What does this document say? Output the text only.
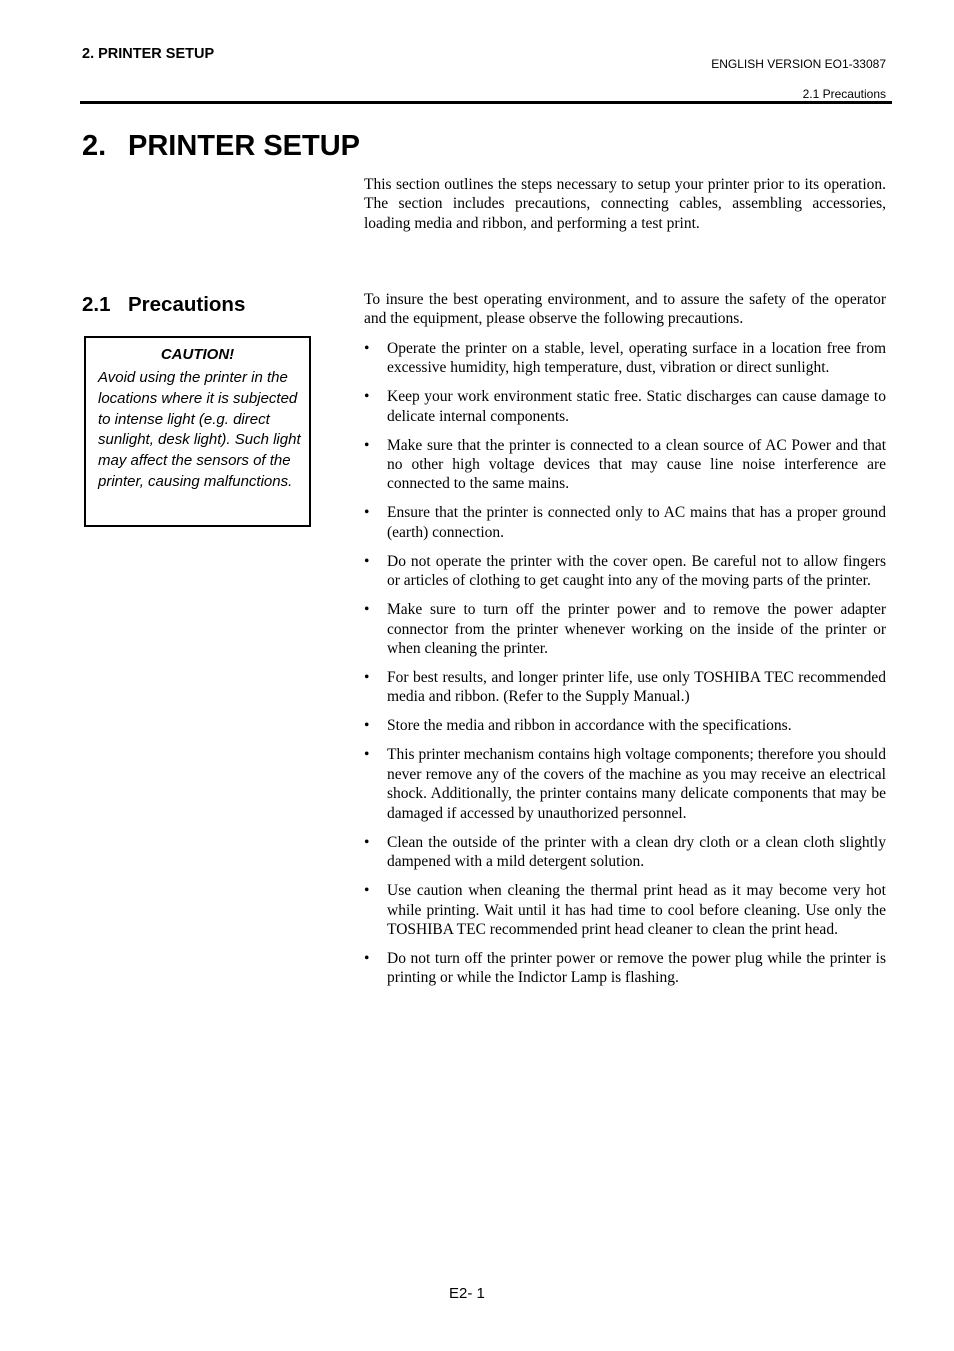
2. PRINTER SETUP
ENGLISH VERSION EO1-33087
2.1 Precautions
2. PRINTER SETUP

This section outlines the steps necessary to setup your printer prior to its operation. The section includes precautions, connecting cables, assembling accessories, loading media and ribbon, and performing a test print.

2.1 Precautions
CAUTION!
Avoid using the printer in the locations where it is subjected to intense light (e.g. direct sunlight, desk light). Such light may affect the sensors of the printer, causing malfunctions.

To insure the best operating environment, and to assure the safety of the operator and the equipment, please observe the following precautions.

• Operate the printer on a stable, level, operating surface in a location free from excessive humidity, high temperature, dust, vibration or direct sunlight.
• Keep your work environment static free. Static discharges can cause damage to delicate internal components.
• Make sure that the printer is connected to a clean source of AC Power and that no other high voltage devices that may cause line noise interference are connected to the same mains.
• Ensure that the printer is connected only to AC mains that has a proper ground (earth) connection.
• Do not operate the printer with the cover open. Be careful not to allow fingers or articles of clothing to get caught into any of the moving parts of the printer.
• Make sure to turn off the printer power and to remove the power adapter connector from the printer whenever working on the inside of the printer or when cleaning the printer.
• For best results, and longer printer life, use only TOSHIBA TEC recommended media and ribbon. (Refer to the Supply Manual.)
• Store the media and ribbon in accordance with the specifications.
• This printer mechanism contains high voltage components; therefore you should never remove any of the covers of the machine as you may receive an electrical shock. Additionally, the printer contains many delicate components that may be damaged if accessed by unauthorized personnel.
• Clean the outside of the printer with a clean dry cloth or a clean cloth slightly dampened with a mild detergent solution.
• Use caution when cleaning the thermal print head as it may become very hot while printing. Wait until it has had time to cool before cleaning. Use only the TOSHIBA TEC recommended print head cleaner to clean the print head.
• Do not turn off the printer power or remove the power plug while the printer is printing or while the Indictor Lamp is flashing.
E2- 1
